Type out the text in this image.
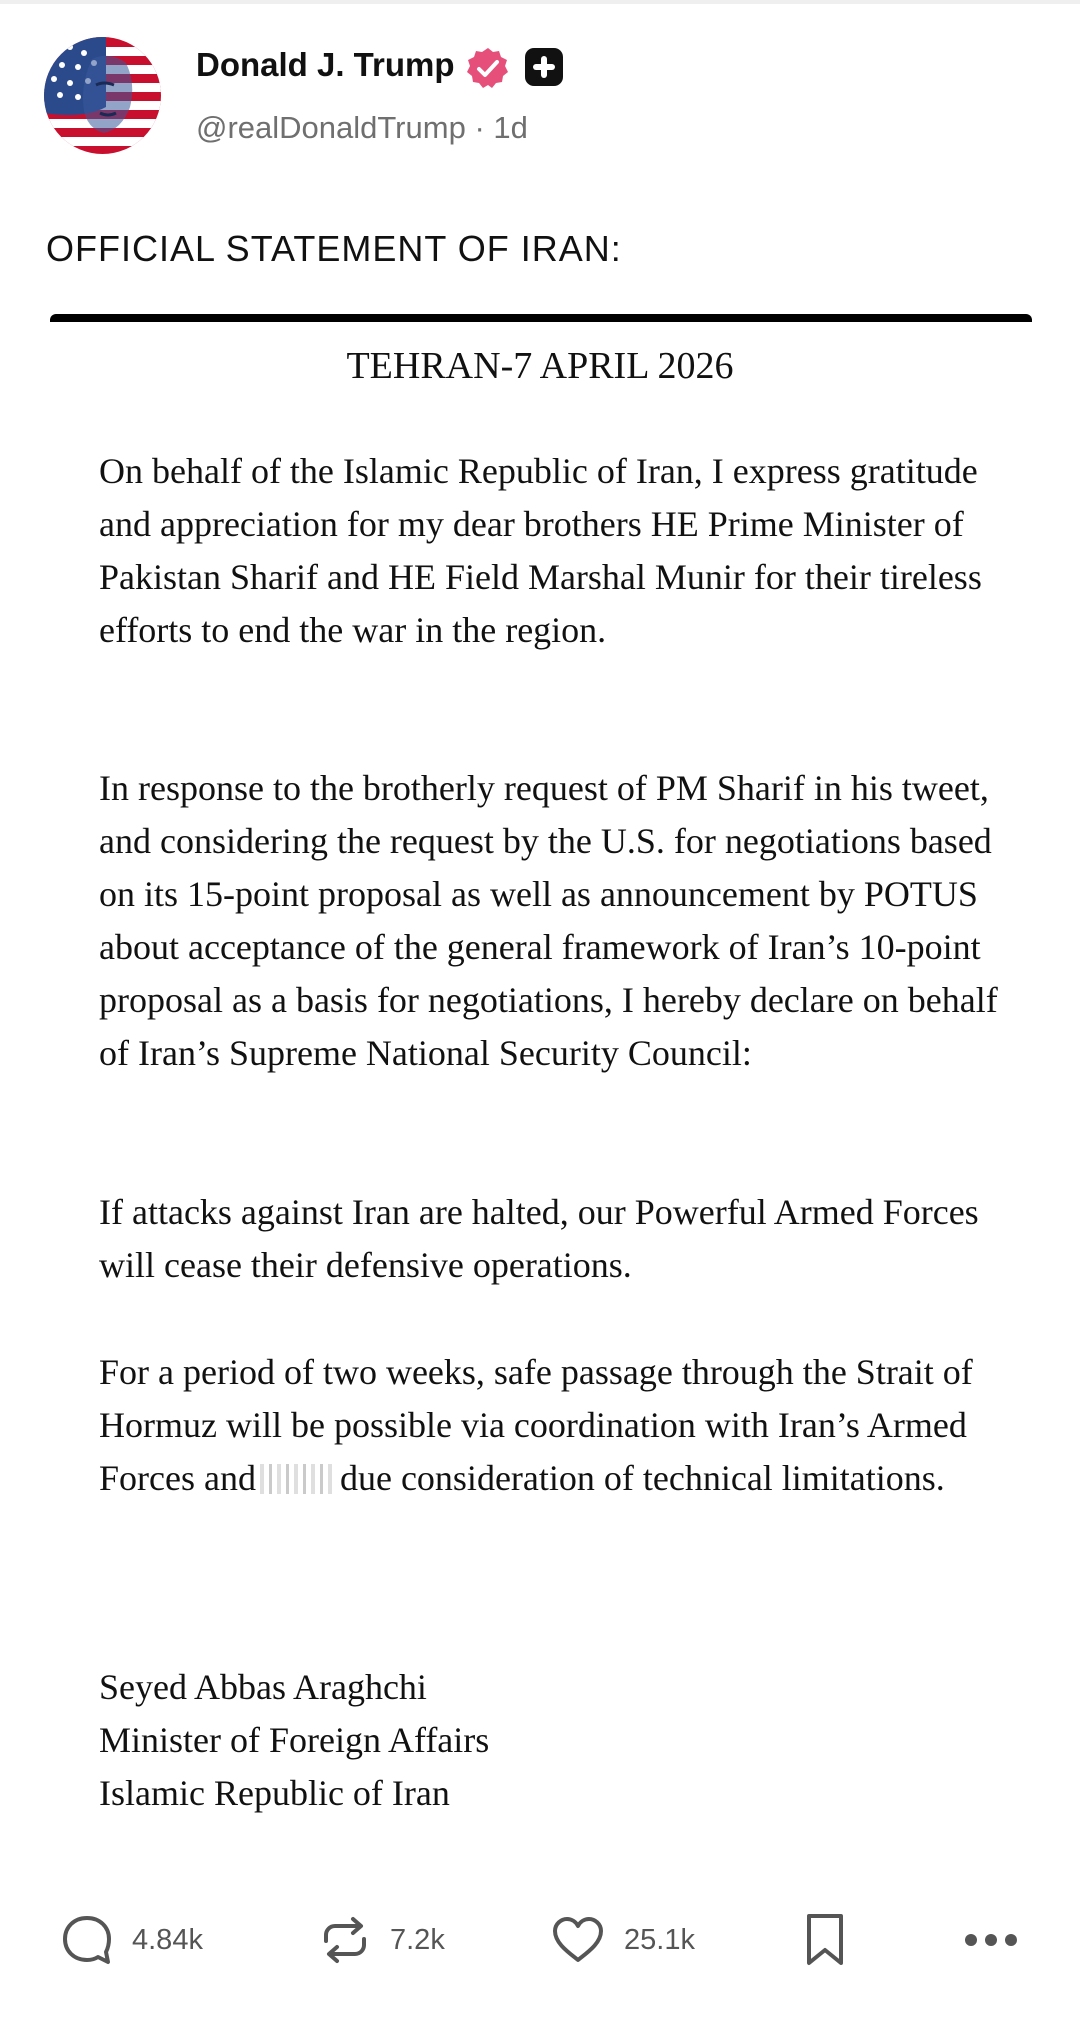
Donald J. Trump
@realDonaldTrump · 1d
OFFICIAL STATEMENT OF IRAN:
TEHRAN-7 APRIL 2026
On behalf of the Islamic Republic of Iran, I express gratitude and appreciation for my dear brothers HE Prime Minister of Pakistan Sharif and HE Field Marshal Munir for their tireless efforts to end the war in the region.
In response to the brotherly request of PM Sharif in his tweet, and considering the request by the U.S. for negotiations based on its 15-point proposal as well as announcement by POTUS about acceptance of the general framework of Iran’s 10-point proposal as a basis for negotiations, I hereby declare on behalf of Iran’s Supreme National Security Council:
If attacks against Iran are halted, our Powerful Armed Forces will cease their defensive operations.
For a period of two weeks, safe passage through the Strait of Hormuz will be possible via coordination with Iran’s Armed Forces and due consideration of technical limitations.
Seyed Abbas Araghchi
Minister of Foreign Affairs
Islamic Republic of Iran
4.84k	7.2k	25.1k
